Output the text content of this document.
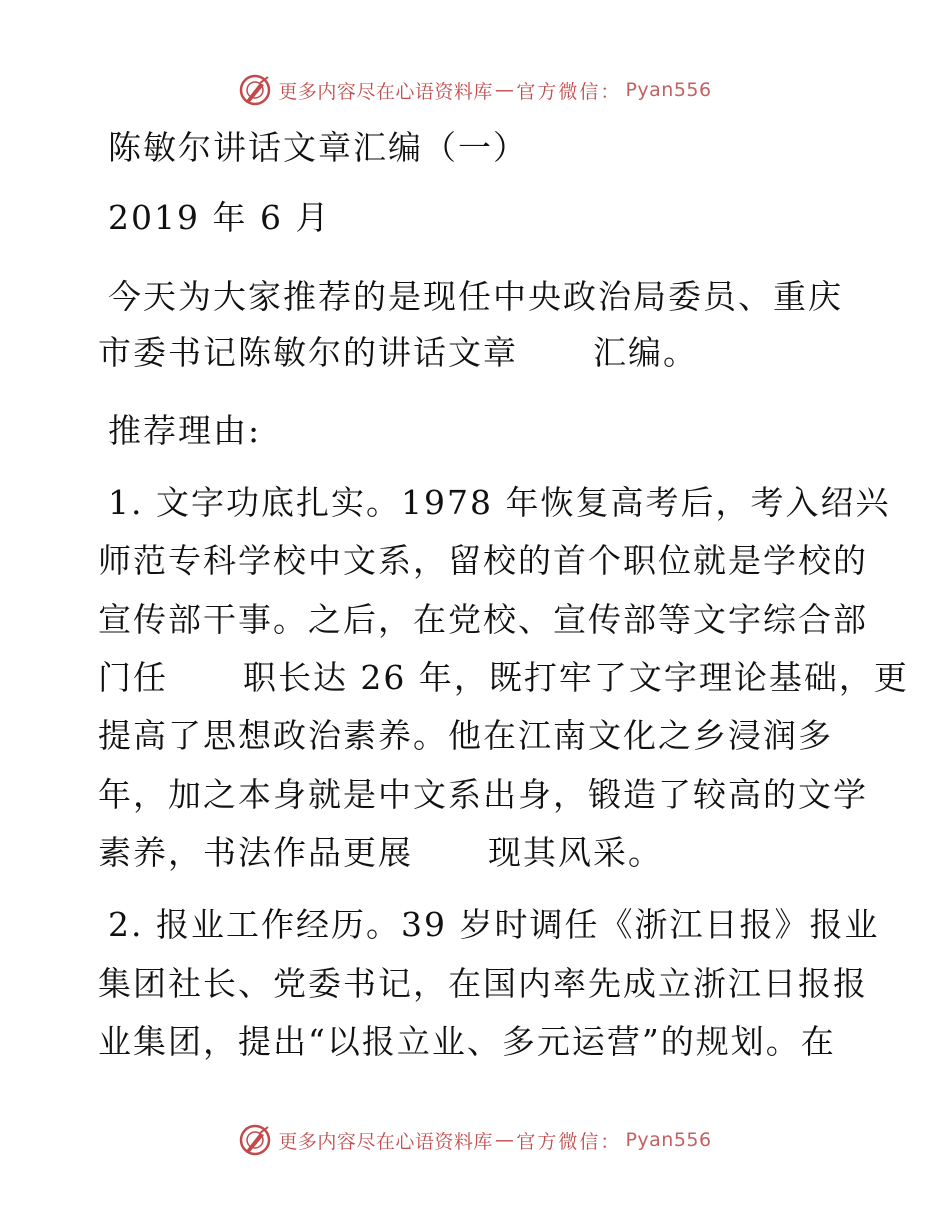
更多内容尽在心语资料库 — 官方微信： Pyan556
陈敏尔讲话文章汇编（一）
2019 年 6 月
今天为大家推荐的是现任中央政治局委员、重庆
市委书记陈敏尔的讲话文章      汇编。
推荐理由:
1. 文字功底扎实。1978 年恢复高考后，考入绍兴
师范专科学校中文系，留校的首个职位就是学校的
宣传部干事。之后，在党校、宣传部等文字综合部
门任      职长达 26 年，既打牢了文字理论基础，更
提高了思想政治素养。他在江南文化之乡浸润多
年，加之本身就是中文系出身，锻造了较高的文学
素养，书法作品更展      现其风采。
2. 报业工作经历。39 岁时调任《浙江日报》报业
集团社长、党委书记，在国内率先成立浙江日报报
业集团，提出“以报立业、多元运营”的规划。在
更多内容尽在心语资料库 — 官方微信： Pyan556
